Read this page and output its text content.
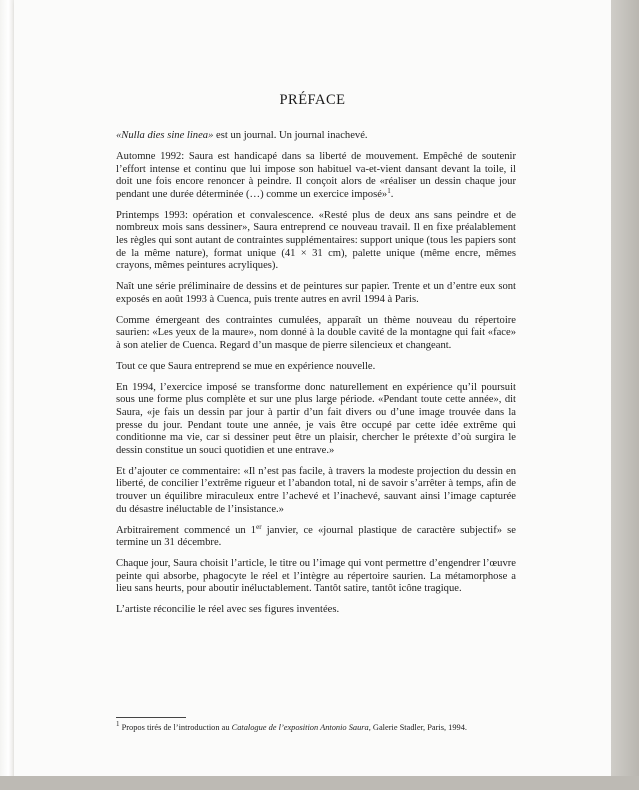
PRÉFACE

«Nulla dies sine linea» est un journal. Un journal inachevé.

Automne 1992: Saura est handicapé dans sa liberté de mouvement. Empêché de soutenir l’effort intense et continu que lui impose son habituel va-et-vient dansant devant la toile, il doit une fois encore renoncer à peindre. Il conçoit alors de «réaliser un dessin chaque jour pendant une durée déterminée (…) comme un exercice imposé»$^1$.

Printemps 1993: opération et convalescence. «Resté plus de deux ans sans peindre et de nombreux mois sans dessiner», Saura entreprend ce nouveau travail. Il en fixe préalablement les règles qui sont autant de contraintes supplémentaires: support unique (tous les papiers sont de la même nature), format unique (41 × 31 cm), palette unique (même encre, mêmes crayons, mêmes peintures acryliques).

Naît une série préliminaire de dessins et de peintures sur papier. Trente et un d’entre eux sont exposés en août 1993 à Cuenca, puis trente autres en avril 1994 à Paris.

Comme émergeant des contraintes cumulées, apparaît un thème nouveau du répertoire saurien: «Les yeux de la maure», nom donné à la double cavité de la montagne qui fait «face» à son atelier de Cuenca. Regard d’un masque de pierre silencieux et changeant.

Tout ce que Saura entreprend se mue en expérience nouvelle.

En 1994, l’exercice imposé se transforme donc naturellement en expérience qu’il poursuit sous une forme plus complète et sur une plus large période. «Pendant toute cette année», dit Saura, «je fais un dessin par jour à partir d’un fait divers ou d’une image trouvée dans la presse du jour. Pendant toute une année, je vais être occupé par cette idée extrême qui conditionne ma vie, car si dessiner peut être un plaisir, chercher le prétexte d’où surgira le dessin constitue un souci quotidien et une entrave.»

Et d’ajouter ce commentaire: «Il n’est pas facile, à travers la modeste projection du dessin en liberté, de concilier l’extrême rigueur et l’abandon total, ni de savoir s’arrêter à temps, afin de trouver un équilibre miraculeux entre l’achevé et l’inachevé, sauvant ainsi l’image capturée du désastre inéluctable de l’insistance.»

Arbitrairement commencé un 1er janvier, ce «journal plastique de caractère subjectif» se termine un 31 décembre.

Chaque jour, Saura choisit l’article, le titre ou l’image qui vont permettre d’engendrer l’œuvre peinte qui absorbe, phagocyte le réel et l’intègre au répertoire saurien. La métamorphose a lieu sans heurts, pour aboutir inéluctablement. Tantôt satire, tantôt icône tragique.

L’artiste réconcilie le réel avec ses figures inventées.

$^1$ Propos tirés de l’introduction au Catalogue de l’exposition Antonio Saura, Galerie Stadler, Paris, 1994.
